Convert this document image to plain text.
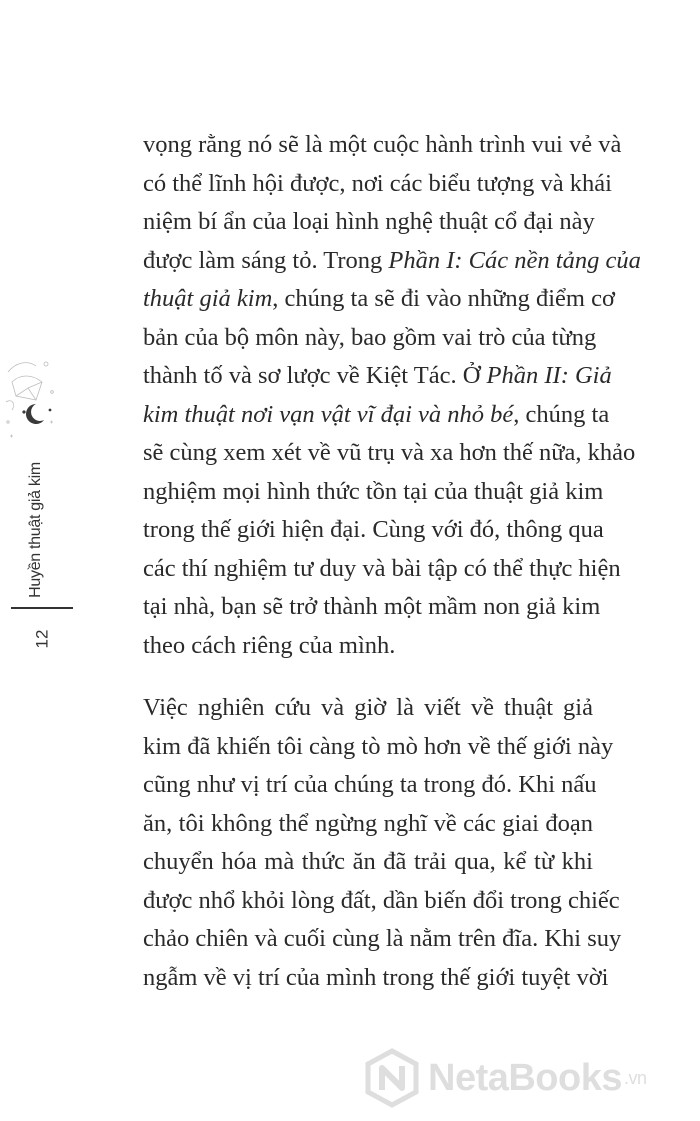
Huyền thuật giả kim
12

vọng rằng nó sẽ là một cuộc hành trình vui vẻ và
có thể lĩnh hội được, nơi các biểu tượng và khái
niệm bí ẩn của loại hình nghệ thuật cổ đại này
được làm sáng tỏ. Trong Phần I: Các nền tảng của
thuật giả kim, chúng ta sẽ đi vào những điểm cơ
bản của bộ môn này, bao gồm vai trò của từng
thành tố và sơ lược về Kiệt Tác. Ở Phần II: Giả
kim thuật nơi vạn vật vĩ đại và nhỏ bé, chúng ta
sẽ cùng xem xét về vũ trụ và xa hơn thế nữa, khảo
nghiệm mọi hình thức tồn tại của thuật giả kim
trong thế giới hiện đại. Cùng với đó, thông qua
các thí nghiệm tư duy và bài tập có thể thực hiện
tại nhà, bạn sẽ trở thành một mầm non giả kim
theo cách riêng của mình.

Việc nghiên cứu và giờ là viết về thuật giả
kim đã khiến tôi càng tò mò hơn về thế giới này
cũng như vị trí của chúng ta trong đó. Khi nấu
ăn, tôi không thể ngừng nghĩ về các giai đoạn
chuyển hóa mà thức ăn đã trải qua, kể từ khi
được nhổ khỏi lòng đất, dần biến đổi trong chiếc
chảo chiên và cuối cùng là nằm trên đĩa. Khi suy
ngẫm về vị trí của mình trong thế giới tuyệt vời

NetaBooks .vn
